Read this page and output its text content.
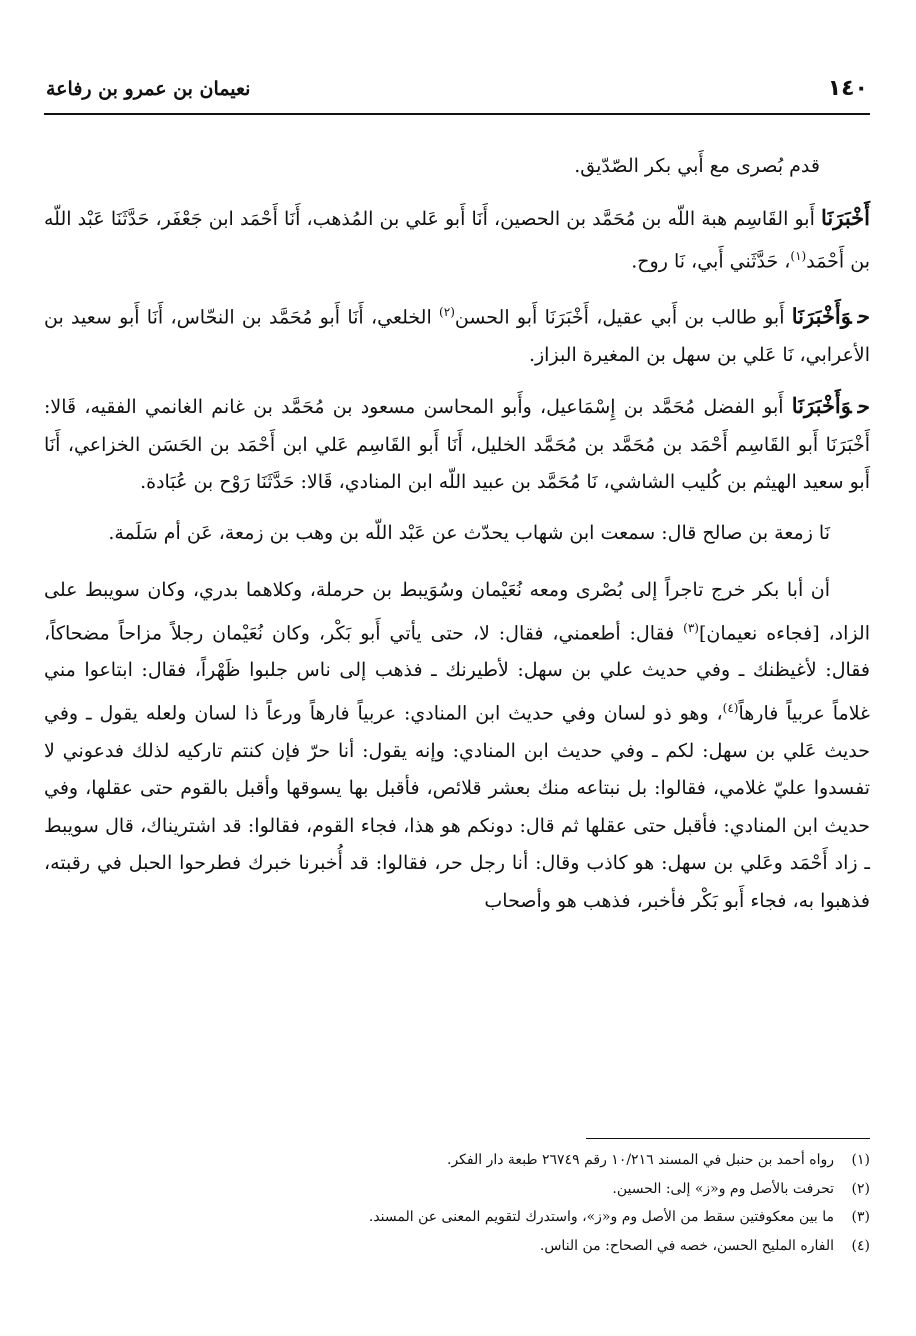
١٤٠
نعيمان بن عمرو بن رفاعة

قدم بُصرى مع أَبي بكر الصّدّيق.

أَخْبَرَنَا أَبو القَاسِم هبة اللّه بن مُحَمَّد بن الحصين، أَنَا أَبو عَلي بن المُذهب، أَنَا أَحْمَد ابن جَعْفَر، حَدَّثَنَا عَبْد اللّه بن أَحْمَد$^{(١)}$، حَدَّثَني أَبي، نَا روح.

حوَأَخْبَرَنَا أَبو طالب بن أَبي عقيل، أَخْبَرَنَا أَبو الحسن$^{(٢)}$ الخلعي، أَنَا أَبو مُحَمَّد بن النحّاس، أَنَا أَبو سعيد بن الأعرابي، نَا عَلي بن سهل بن المغيرة البزاز.

حوَأَخْبَرَنَا أَبو الفضل مُحَمَّد بن إِسْمَاعيل، وأَبو المحاسن مسعود بن مُحَمَّد بن غانم الغانمي الفقيه، قَالا: أَخْبَرَنَا أَبو القَاسِم أَحْمَد بن مُحَمَّد بن مُحَمَّد الخليل، أَنَا أَبو القَاسِم عَلي ابن أَحْمَد بن الحَسَن الخزاعي، أَنَا أَبو سعيد الهيثم بن كُليب الشاشي، نَا مُحَمَّد بن عبيد اللّه ابن المنادي، قَالا: حَدَّثَنَا رَوْح بن عُبَادة.

نَا زمعة بن صالح قال: سمعت ابن شهاب يحدّث عن عَبْد اللّه بن وهب بن زمعة، عَن أم سَلَمة.

أن أبا بكر خرج تاجراً إلى بُصْرى ومعه نُعَيْمان وسُوَيبط بن حرملة، وكلاهما بدري، وكان سويبط على الزاد، [فجاءه نعيمان]$^{(٣)}$ فقال: أطعمني، فقال: لا، حتى يأتي أَبو بَكْر، وكان نُعَيْمان رجلاً مزاحاً مضحاكاً، فقال: لأغيظنك ـ وفي حديث علي بن سهل: لأطيرنك ـ فذهب إلى ناس جلبوا ظَهْراً، فقال: ابتاعوا مني غلاماً عربياً فارهاً$^{(٤)}$، وهو ذو لسان وفي حديث ابن المنادي: عربياً فارهاً ورعاً ذا لسان ولعله يقول ـ وفي حديث عَلي بن سهل: لكم ـ وفي حديث ابن المنادي: وإنه يقول: أنا حرّ فإن كنتم تاركيه لذلك فدعوني لا تفسدوا عليّ غلامي، فقالوا: بل نبتاعه منك بعشر قلائص، فأقبل بها يسوقها وأقبل بالقوم حتى عقلها، وفي حديث ابن المنادي: فأقبل حتى عقلها ثم قال: دونكم هو هذا، فجاء القوم، فقالوا: قد اشتريناك، قال سويبط ـ زاد أَحْمَد وعَلي بن سهل: هو كاذب وقال: أنا رجل حر، فقالوا: قد أُخبرنا خبرك فطرحوا الحبل في رقبته، فذهبوا به، فجاء أَبو بَكْر فأخبر، فذهب هو وأصحاب

(١)
رواه أحمد بن حنبل في المسند ١٠/٢١٦ رقم ٢٦٧٤٩ طبعة دار الفكر.
(٢)
تحرفت بالأصل وم و«ز» إلى: الحسين.
(٣)
ما بين معكوفتين سقط من الأصل وم و«ز»، واستدرك لتقويم المعنى عن المسند.
(٤)
الفاره المليح الحسن، خصه في الصحاح: من الناس.
